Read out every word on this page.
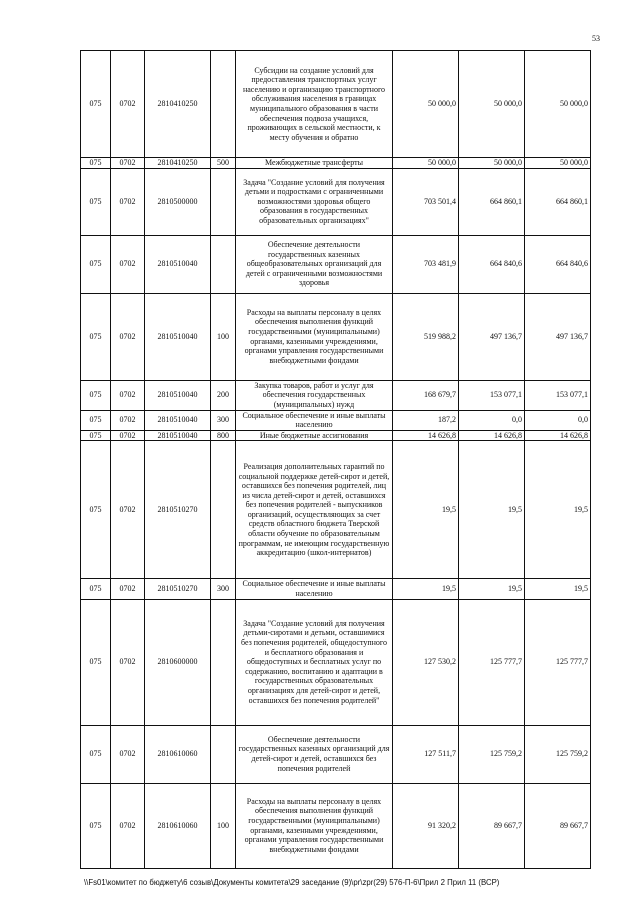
53
075	0702	2810410250		Субсидии на создание условий для предоставления транспортных услуг населению и организацию транспортного обслуживания населения в границах муниципального образования в части обеспечения подвоза учащихся, проживающих в сельской местности, к месту обучения и обратно	50 000,0	50 000,0	50 000,0
075	0702	2810410250	500	Межбюджетные трансферты	50 000,0	50 000,0	50 000,0
075	0702	2810500000		Задача "Создание условий для получения детьми и подростками с ограниченными возможностями здоровья общего образования в государственных образовательных организациях"	703 501,4	664 860,1	664 860,1
075	0702	2810510040		Обеспечение деятельности государственных казенных общеобразовательных организаций для детей с ограниченными возможностями здоровья	703 481,9	664 840,6	664 840,6
075	0702	2810510040	100	Расходы на выплаты персоналу в целях обеспечения выполнения функций государственными (муниципальными) органами, казенными учреждениями, органами управления государственными внебюджетными фондами	519 988,2	497 136,7	497 136,7
075	0702	2810510040	200	Закупка товаров, работ и услуг для обеспечения государственных (муниципальных) нужд	168 679,7	153 077,1	153 077,1
075	0702	2810510040	300	Социальное обеспечение и иные выплаты населению	187,2	0,0	0,0
075	0702	2810510040	800	Иные бюджетные ассигнования	14 626,8	14 626,8	14 626,8
075	0702	2810510270		Реализация дополнительных гарантий по социальной поддержке детей-сирот и детей, оставшихся без попечения родителей, лиц из числа детей-сирот и детей, оставшихся без попечения родителей - выпускников организаций, осуществляющих за счет средств областного бюджета Тверской области обучение по образовательным программам, не имеющим государственную аккредитацию (школ-интернатов)	19,5	19,5	19,5
075	0702	2810510270	300	Социальное обеспечение и иные выплаты населению	19,5	19,5	19,5
075	0702	2810600000		Задача "Создание условий для получения детьми-сиротами и детьми, оставшимися без попечения родителей, общедоступного и бесплатного образования и общедоступных и бесплатных услуг по содержанию, воспитанию и адаптации в государственных образовательных организациях для детей-сирот и детей, оставшихся без попечения родителей"	127 530,2	125 777,7	125 777,7
075	0702	2810610060		Обеспечение деятельности государственных казенных организаций для детей-сирот и детей, оставшихся без попечения родителей	127 511,7	125 759,2	125 759,2
075	0702	2810610060	100	Расходы на выплаты персоналу в целях обеспечения выполнения функций государственными (муниципальными) органами, казенными учреждениями, органами управления государственными внебюджетными фондами	91 320,2	89 667,7	89 667,7
\\Fs01\комитет по бюджету\6 созыв\Документы комитета\29 заседание (9)\pr\zpr(29) 576-П-6\Прил 2 Прил 11 (ВСР)
